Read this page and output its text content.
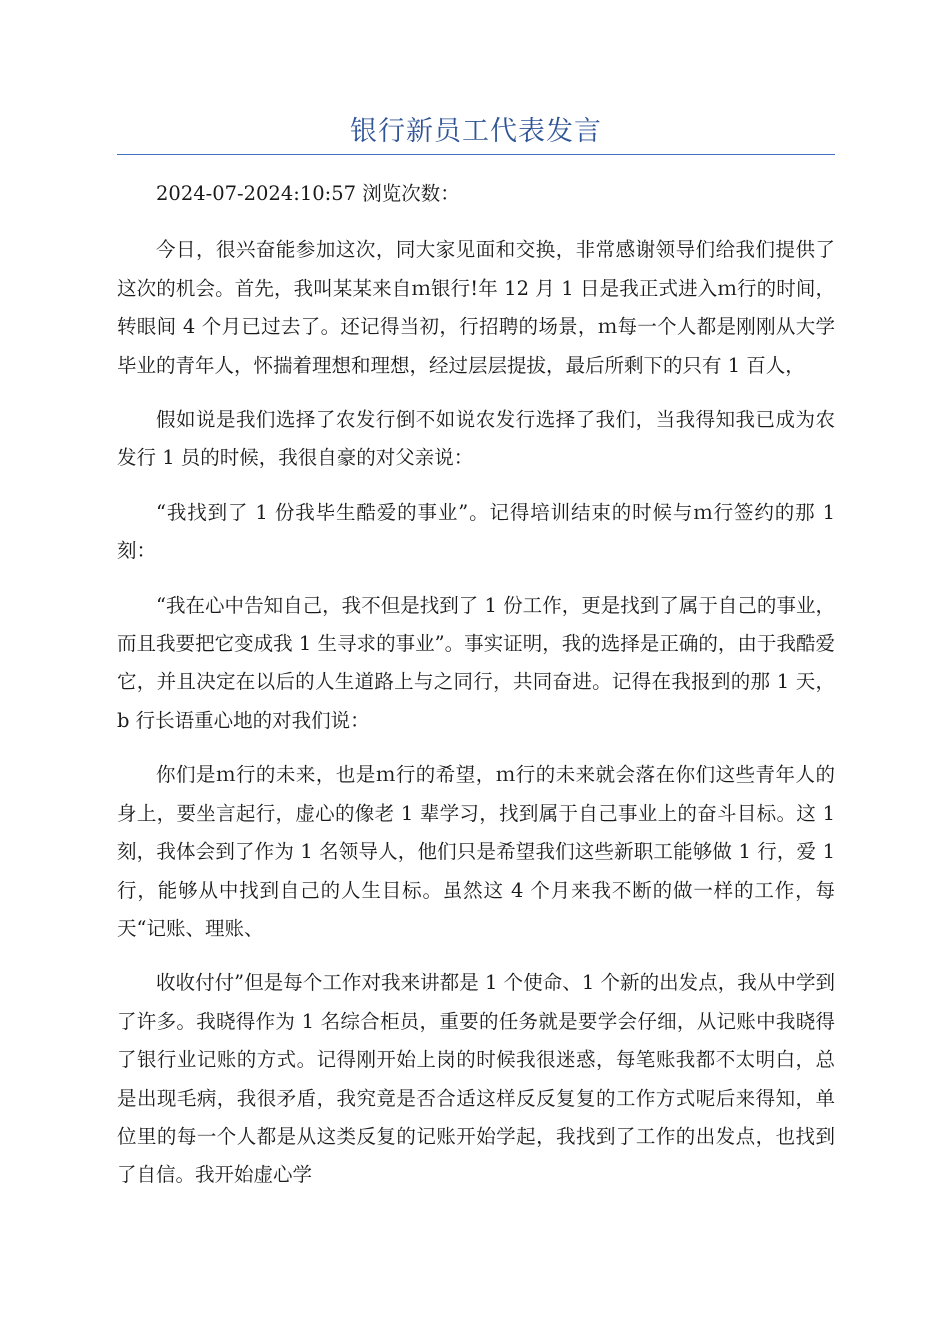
银行新员工代表发言

2024-07-2024:10:57 浏览次数：

今日，很兴奋能参加这次，同大家见面和交换，非常感谢领导们给我们提供了这次的机会。首先，我叫某某来自ｍ银行!年 12 月 1 日是我正式进入ｍ行的时间，转眼间 4 个月已过去了。还记得当初，行招聘的场景，ｍ每一个人都是刚刚从大学毕业的青年人，怀揣着理想和理想，经过层层提拔，最后所剩下的只有 1 百人，

假如说是我们选择了农发行倒不如说农发行选择了我们，当我得知我已成为农发行 1 员的时候，我很自豪的对父亲说：

“我找到了 1 份我毕生酷爱的事业”。记得培训结束的时候与ｍ行签约的那 1 刻：

“我在心中告知自己，我不但是找到了 1 份工作，更是找到了属于自己的事业，而且我要把它变成我 1 生寻求的事业”。事实证明，我的选择是正确的，由于我酷爱它，并且决定在以后的人生道路上与之同行，共同奋进。记得在我报到的那 1 天，b 行长语重心地的对我们说：

你们是ｍ行的未来，也是ｍ行的希望，ｍ行的未来就会落在你们这些青年人的身上，要坐言起行，虚心的像老 1 辈学习，找到属于自己事业上的奋斗目标。这 1 刻，我体会到了作为 1 名领导人，他们只是希望我们这些新职工能够做 1 行，爱 1 行，能够从中找到自己的人生目标。虽然这 4 个月来我不断的做一样的工作，每天“记账、理账、

收收付付”但是每个工作对我来讲都是 1 个使命、1 个新的出发点，我从中学到了许多。我晓得作为 1 名综合柜员，重要的任务就是要学会仔细，从记账中我晓得了银行业记账的方式。记得刚开始上岗的时候我很迷惑，每笔账我都不太明白，总是出现毛病，我很矛盾，我究竟是否合适这样反反复复的工作方式呢后来得知，单位里的每一个人都是从这类反复的记账开始学起，我找到了工作的出发点，也找到了自信。我开始虚心学
